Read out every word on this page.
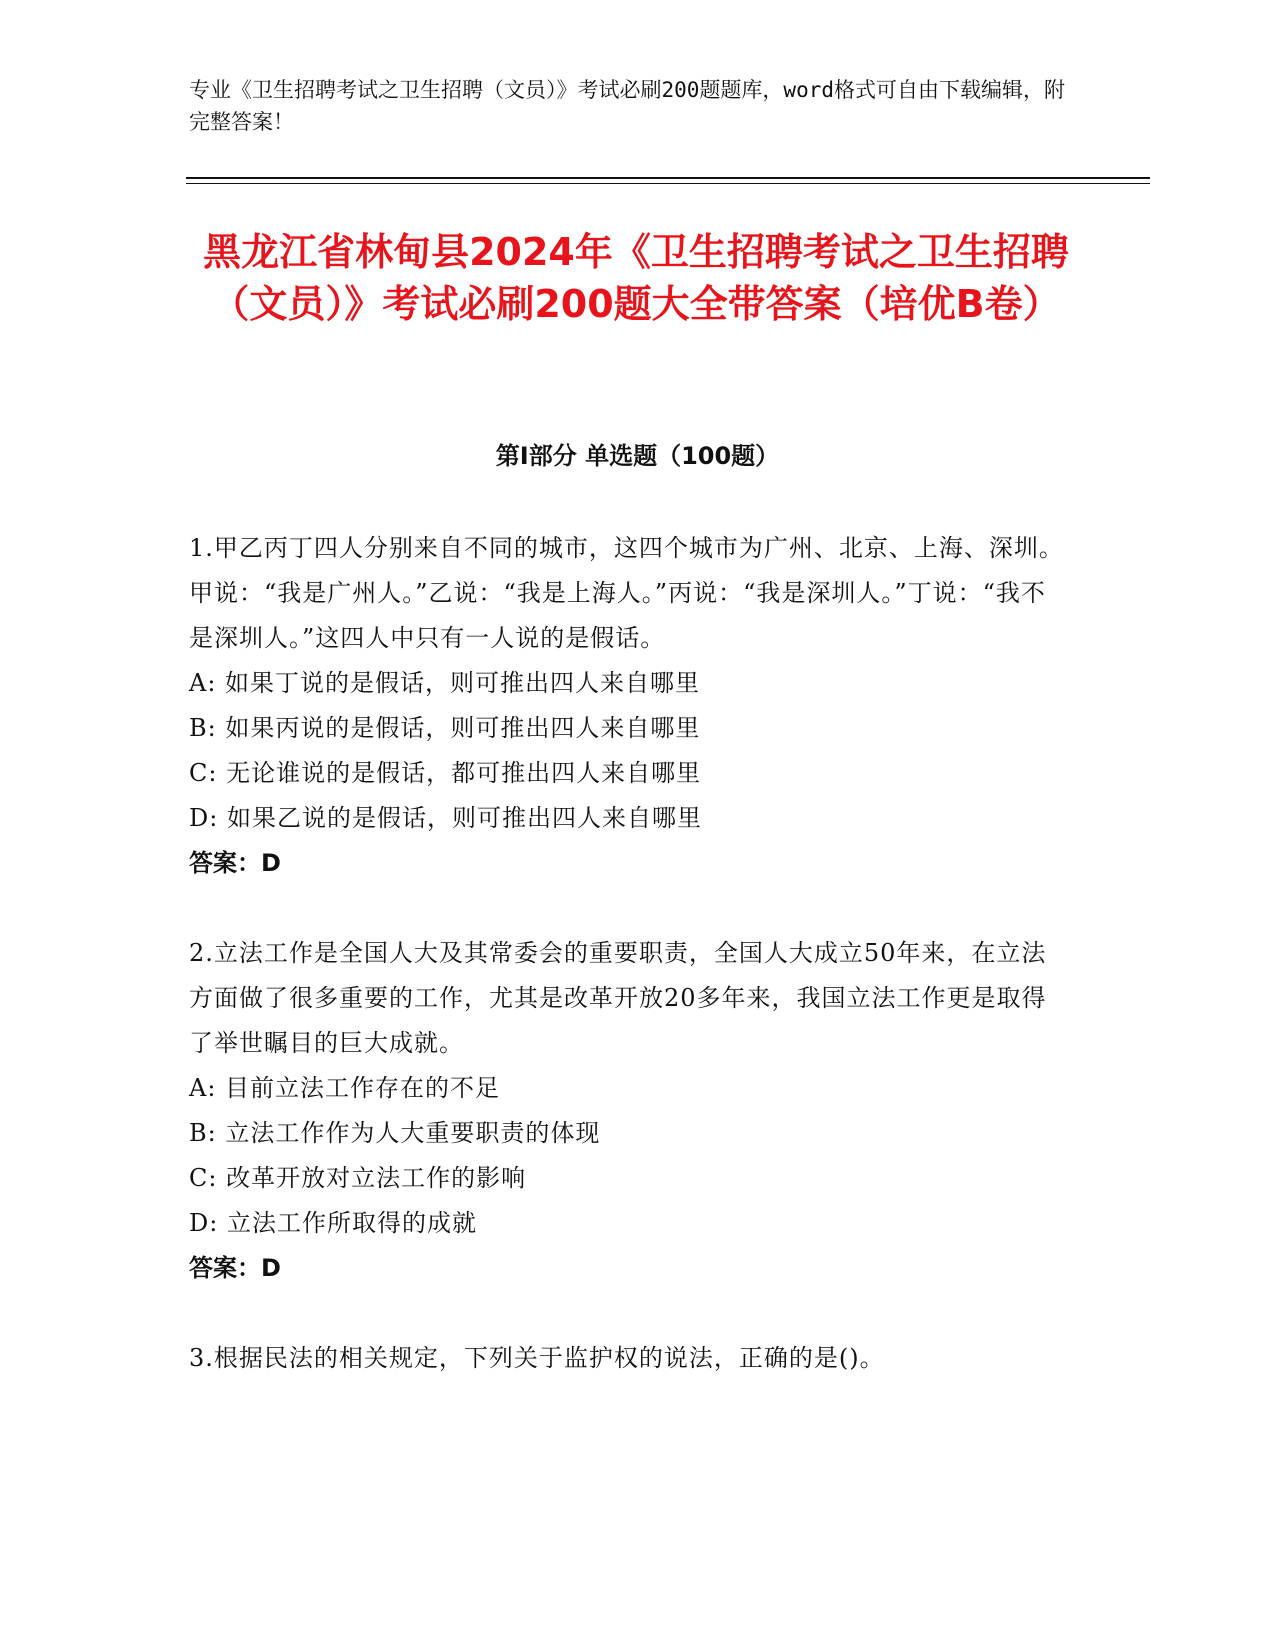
专业《卫生招聘考试之卫生招聘（文员）》考试必刷200题题库，word格式可自由下载编辑，附完整答案！
黑龙江省林甸县2024年《卫生招聘考试之卫生招聘（文员）》考试必刷200题大全带答案（培优B卷）
第Ⅰ部分 单选题（100题）

1.甲乙丙丁四人分别来自不同的城市，这四个城市为广州、北京、上海、深圳。甲说：“我是广州人。”乙说：“我是上海人。”丙说：“我是深圳人。”丁说：“我不是深圳人。”这四人中只有一人说的是假话。

A: 如果丁说的是假话，则可推出四人来自哪里

B: 如果丙说的是假话，则可推出四人来自哪里

C: 无论谁说的是假话，都可推出四人来自哪里

D: 如果乙说的是假话，则可推出四人来自哪里

答案：D

2.立法工作是全国人大及其常委会的重要职责，全国人大成立50年来，在立法方面做了很多重要的工作，尤其是改革开放20多年来，我国立法工作更是取得了举世瞩目的巨大成就。

A: 目前立法工作存在的不足

B: 立法工作作为人大重要职责的体现

C: 改革开放对立法工作的影响

D: 立法工作所取得的成就

答案：D

3.根据民法的相关规定，下列关于监护权的说法，正确的是()。
